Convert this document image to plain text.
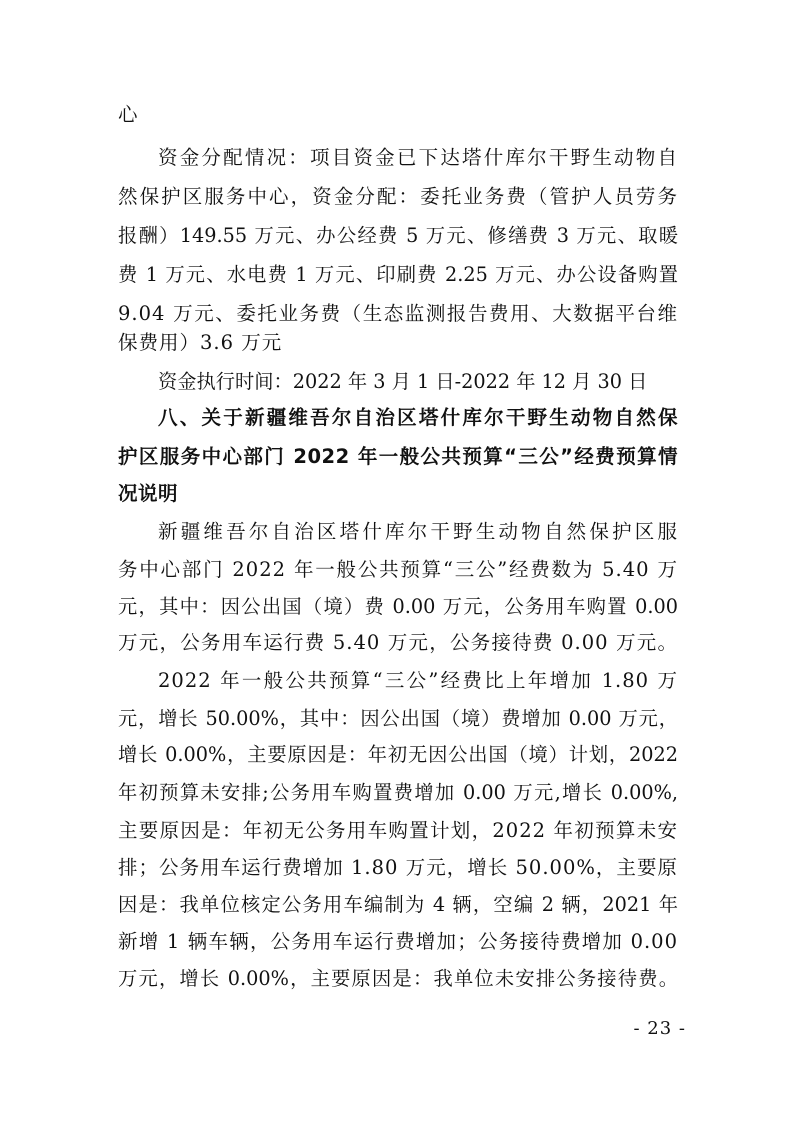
心
资金分配情况：项目资金已下达塔什库尔干野生动物自
然保护区服务中心，资金分配：委托业务费（管护人员劳务
报酬）149.55 万元、办公经费 5 万元、修缮费 3 万元、取暖
费 1 万元、水电费 1 万元、印刷费 2.25 万元、办公设备购置
9.04 万元、委托业务费（生态监测报告费用、大数据平台维
保费用）3.6 万元
资金执行时间：2022 年 3 月 1 日-2022 年 12 月 30 日
八、关于新疆维吾尔自治区塔什库尔干野生动物自然保
护区服务中心部门 2022 年一般公共预算“三公”经费预算情
况说明
新疆维吾尔自治区塔什库尔干野生动物自然保护区服
务中心部门 2022 年一般公共预算“三公”经费数为 5.40 万
元，其中：因公出国（境）费 0.00 万元，公务用车购置 0.00
万元，公务用车运行费 5.40 万元，公务接待费 0.00 万元。
2022 年一般公共预算“三公”经费比上年增加 1.80 万
元，增长 50.00%，其中：因公出国（境）费增加 0.00 万元，
增长 0.00%，主要原因是：年初无因公出国（境）计划，2022
年初预算未安排;公务用车购置费增加 0.00 万元,增长 0.00%,
主要原因是：年初无公务用车购置计划，2022 年初预算未安
排；公务用车运行费增加 1.80 万元，增长 50.00%，主要原
因是：我单位核定公务用车编制为 4 辆，空编 2 辆，2021 年
新增 1 辆车辆，公务用车运行费增加；公务接待费增加 0.00
万元，增长 0.00%，主要原因是：我单位未安排公务接待费。
- 23 -
